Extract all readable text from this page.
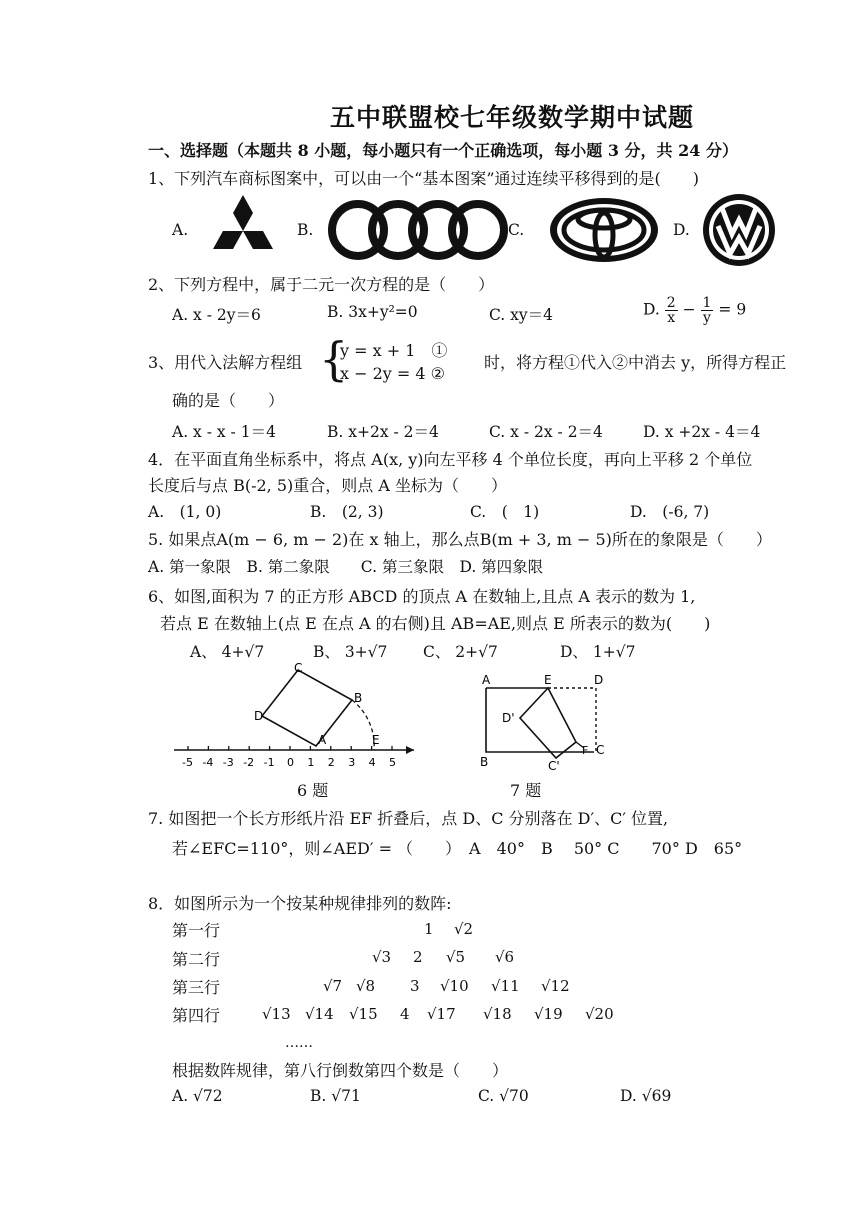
五中联盟校七年级数学期中试题
一、选择题（本题共 8 小题，每小题只有一个正确选项，每小题 3 分，共 24 分）
1、下列汽车商标图案中，可以由一个“基本图案”通过连续平移得到的是(　　)
A.	B.	C.	D.
2、下列方程中，属于二元一次方程的是（　　）
A. x - 2y＝6	B. 3x+y²=0	C. xy＝4	D. $\frac{2}{x} - \frac{1}{y} = 9$
3、用代入法解方程组 {
y = x + 1　①
x − 2y = 4 ②
时，将方程①代入②中消去 y，所得方程正
确的是（　　）
A. x - x - 1＝4	B. x+2x - 2＝4	C. x - 2x - 2＝4	D. x +2x - 4＝4
4．在平面直角坐标系中，将点 A(x, y)向左平移 4 个单位长度，再向上平移 2 个单位
长度后与点 B(-2, 5)重合，则点 A 坐标为（　　）
A.　(1, 0)	B.　(2, 3)	C.　(　1)	D.　(-6, 7)
5. 如果点A(m − 6, m − 2)在 x 轴上，那么点B(m + 3, m − 5)所在的象限是（　　）
A. 第一象限　B. 第二象限　　C. 第三象限　D. 第四象限
6、如图,面积为 7 的正方形 ABCD 的顶点 A 在数轴上,且点 A 表示的数为 1,
若点 E 在数轴上(点 E 在点 A 的右侧)且 AB=AE,则点 E 所表示的数为(　　)
A、 4+√7	B、 3+√7 C、 2+√7	D、 1+√7
-5 -4 -3 -2 -1 0 1 2 3 4 5
A
B
C
D
E
6 题
A	E	D
B
F C
D'
C'
7 题
7. 如图把一个长方形纸片沿 EF 折叠后，点 D、C 分别落在 D′、C′ 位置,
若∠EFC=110°，则∠AED′ = （　　）　A　40°　B　 50° C　　70° D　65°
8．如图所示为一个按某种规律排列的数阵:
第一行	1 √2
第二行	√3 2 √5 √6
第三行	√7 √8 3 √10 √11 √12
第四行	√13 √14 √15 4 √17 √18 √19 √20
……
根据数阵规律，第八行倒数第四个数是（　　）
A. √72	B. √71	C. √70	D. √69
